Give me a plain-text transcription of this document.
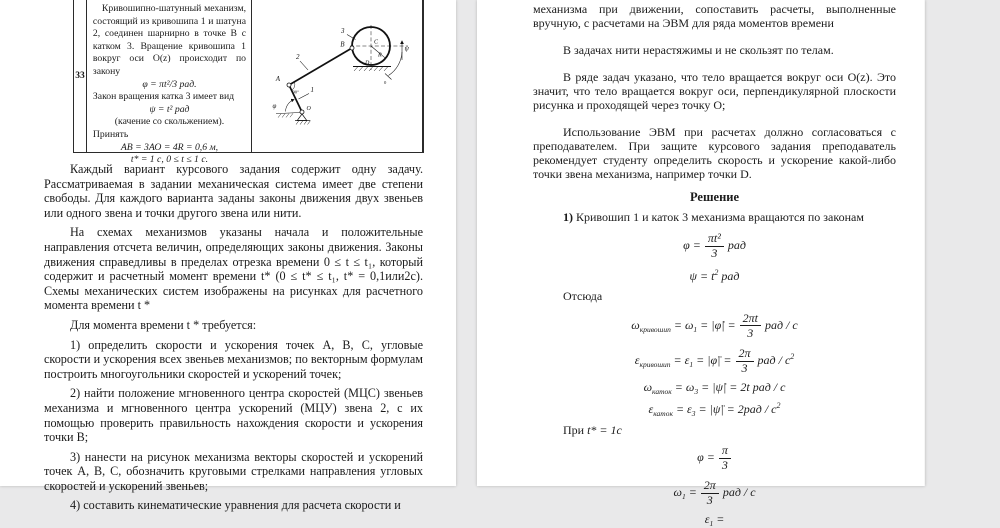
33
Кривошипно-шатунный механизм, состоящий из кривошипа 1 и шатуна 2, соединен шарнирно в точке В с катком 3. Вращение кривошипа 1 вокруг оси O(z) происходит по закону
φ = πt²/3 рад.
Закон вращения катка 3 имеет вид
ψ = t² рад
(качение со скольжением).
Принять
AB = 3АО = 4R = 0,6 м,
t* = 1 с, 0 ≤ t ≤ 1 с.
3
2
1
A
B	C
D
O
φ
ψ
R
90°
0

Каждый вариант курсового задания содержит одну задачу. Рассматриваемая в задании механическая система имеет две степени свободы. Для каждого варианта заданы законы движения двух звеньев или одного звена и точки другого звена или нити.

На схемах механизмов указаны начала и положительные направления отсчета величин, определяющих законы движения. Законы движения справедливы в пределах отрезка времени 0 ≤ t ≤ t₁, который содержит и расчетный момент времени t* (0 ≤ t* ≤ t₁, t* = 0,1или2с). Схемы механических систем изображены на рисунках для расчетного момента времени t *

Для момента времени t * требуется:

1) определить скорости и ускорения точек А, В, С, угловые скорости и ускорения всех звеньев механизмов; по векторным формулам построить многоугольники скоростей и ускорений точек;

2) найти положение мгновенного центра скоростей (МЦС) звеньев механизма и мгновенного центра ускорений (МЦУ) звена 2, с их помощью проверить правильность нахождения скорости и ускорения точки В;

3) нанести на рисунок механизма векторы скоростей и ускорений точек А, В, С, обозначить круговыми стрелками направления угловых скоростей и ускорений звеньев;

4) составить кинематические уравнения для расчета скорости и

механизма при движении, сопоставить расчеты, выполненные вручную, с расчетами на ЭВМ для ряда моментов времени

В задачах нити нерастяжимы и не скользят по телам.

В ряде задач указано, что тело вращается вокруг оси O(z). Это значит, что тело вращается вокруг оси, перпендикулярной плоскости рисунка и проходящей через точку O;

Использование ЭВМ при расчетах должно согласоваться с преподавателем. При защите курсового задания преподаватель рекомендует студенту определить скорость и ускорение какой-либо точки звена механизма, например точки D.

Решение
1) Кривошип 1 и каток 3 механизма вращаются по законам
$\varphi = \frac{\text{πt²}}{3}$ рад
$\psi = t^2$ рад
Отсюда
$\omega_{кривошип} = \omega_1$ = |φ̇| = $\frac{2\pi t}{3}$ рад / с
$\varepsilon_{кривошип} = \varepsilon_1$ = |φ̈| = $\frac{2\pi}{3}$ рад / $с^2$
$\omega_{каток} = \omega_3$ = |ψ̇| = 2t рад / с
$\varepsilon_{каток} = \varepsilon_3$ = |ψ̈| = $2рад / с^2$
При t* = 1с
$\varphi = \frac{\pi}{3}$
$\omega_1 = \frac{2\pi}{3}$ рад / с
$\varepsilon_1$ =
